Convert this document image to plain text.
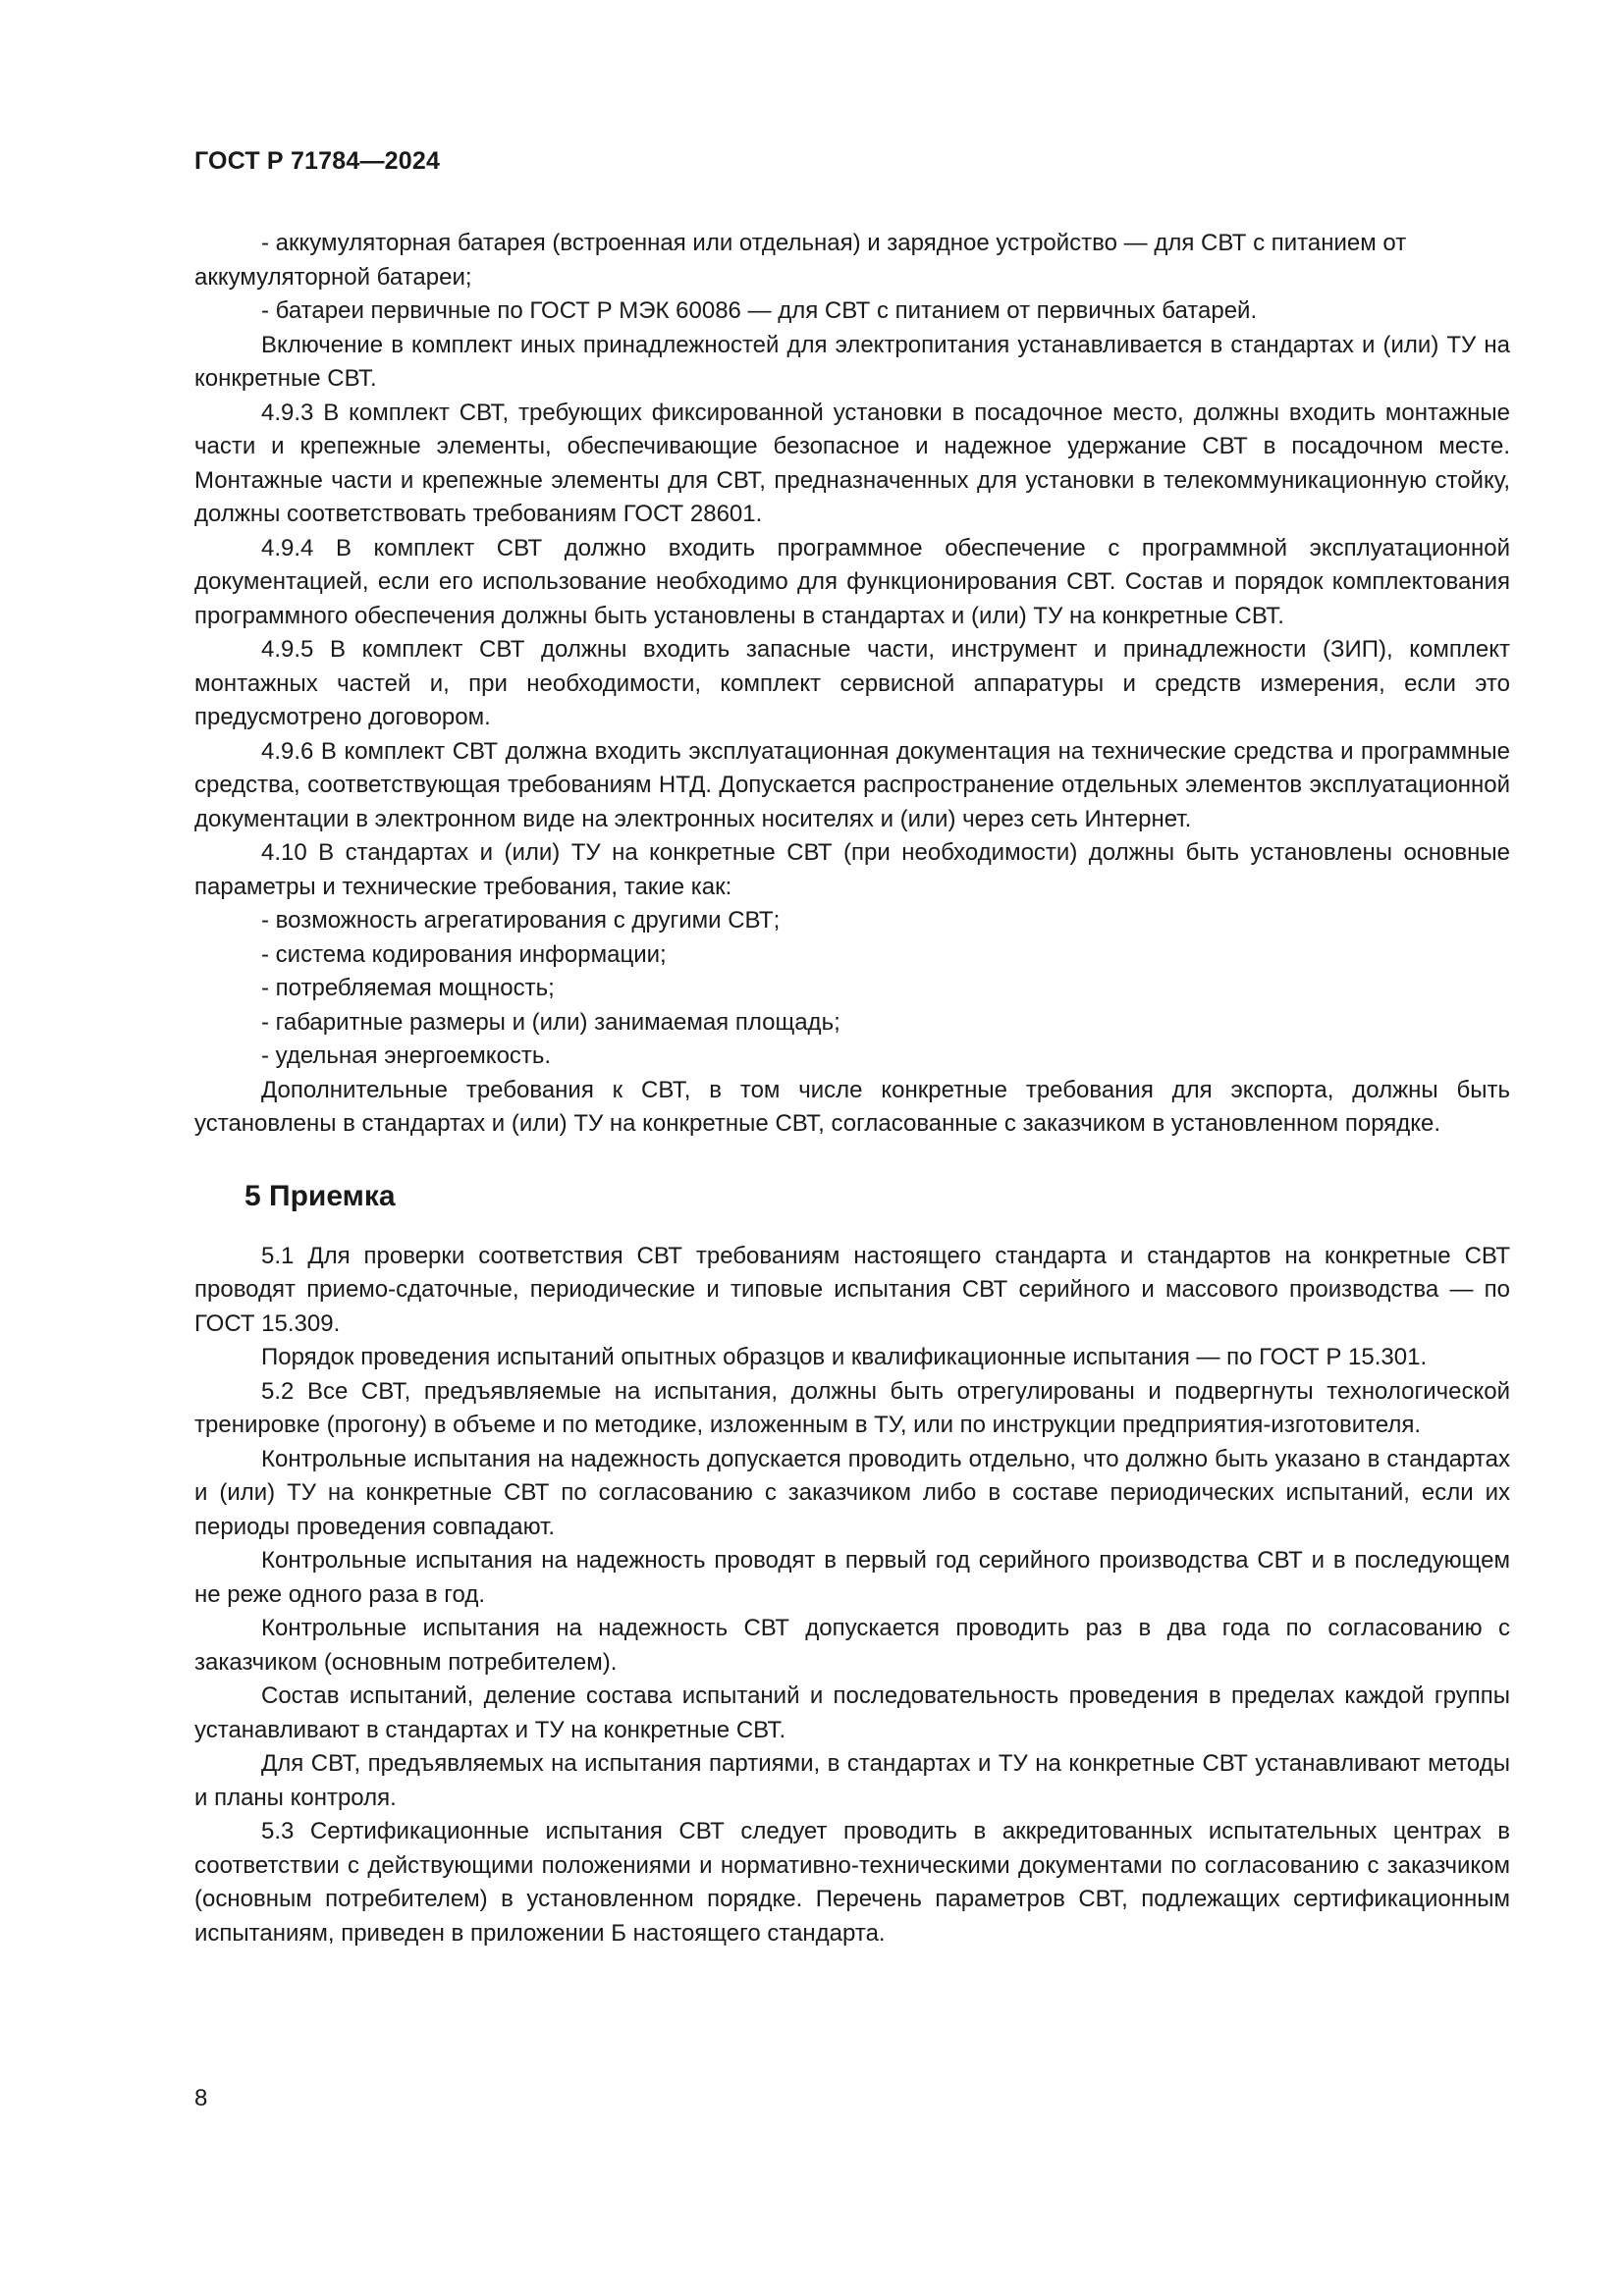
ГОСТ Р 71784—2024

- аккумуляторная батарея (встроенная или отдельная) и зарядное устройство — для СВТ с питанием от аккумуляторной батареи;

- батареи первичные по ГОСТ Р МЭК 60086 — для СВТ с питанием от первичных батарей.

Включение в комплект иных принадлежностей для электропитания устанавливается в стандартах и (или) ТУ на конкретные СВТ.

4.9.3 В комплект СВТ, требующих фиксированной установки в посадочное место, должны входить монтажные части и крепежные элементы, обеспечивающие безопасное и надежное удержание СВТ в посадочном месте. Монтажные части и крепежные элементы для СВТ, предназначенных для установки в телекоммуникационную стойку, должны соответствовать требованиям ГОСТ 28601.

4.9.4 В комплект СВТ должно входить программное обеспечение с программной эксплуатационной документацией, если его использование необходимо для функционирования СВТ. Состав и порядок комплектования программного обеспечения должны быть установлены в стандартах и (или) ТУ на конкретные СВТ.

4.9.5 В комплект СВТ должны входить запасные части, инструмент и принадлежности (ЗИП), комплект монтажных частей и, при необходимости, комплект сервисной аппаратуры и средств измерения, если это предусмотрено договором.

4.9.6 В комплект СВТ должна входить эксплуатационная документация на технические средства и программные средства, соответствующая требованиям НТД. Допускается распространение отдельных элементов эксплуатационной документации в электронном виде на электронных носителях и (или) через сеть Интернет.

4.10 В стандартах и (или) ТУ на конкретные СВТ (при необходимости) должны быть установлены основные параметры и технические требования, такие как:

- возможность агрегатирования с другими СВТ;

- система кодирования информации;

- потребляемая мощность;

- габаритные размеры и (или) занимаемая площадь;

- удельная энергоемкость.

Дополнительные требования к СВТ, в том числе конкретные требования для экспорта, должны быть установлены в стандартах и (или) ТУ на конкретные СВТ, согласованные с заказчиком в установленном порядке.

5 Приемка

5.1 Для проверки соответствия СВТ требованиям настоящего стандарта и стандартов на конкретные СВТ проводят приемо-сдаточные, периодические и типовые испытания СВТ серийного и массового производства — по ГОСТ 15.309.

Порядок проведения испытаний опытных образцов и квалификационные испытания — по ГОСТ Р 15.301.

5.2 Все СВТ, предъявляемые на испытания, должны быть отрегулированы и подвергнуты технологической тренировке (прогону) в объеме и по методике, изложенным в ТУ, или по инструкции предприятия-изготовителя.

Контрольные испытания на надежность допускается проводить отдельно, что должно быть указано в стандартах и (или) ТУ на конкретные СВТ по согласованию с заказчиком либо в составе периодических испытаний, если их периоды проведения совпадают.

Контрольные испытания на надежность проводят в первый год серийного производства СВТ и в последующем не реже одного раза в год.

Контрольные испытания на надежность СВТ допускается проводить раз в два года по согласованию с заказчиком (основным потребителем).

Состав испытаний, деление состава испытаний и последовательность проведения в пределах каждой группы устанавливают в стандартах и ТУ на конкретные СВТ.

Для СВТ, предъявляемых на испытания партиями, в стандартах и ТУ на конкретные СВТ устанавливают методы и планы контроля.

5.3 Сертификационные испытания СВТ следует проводить в аккредитованных испытательных центрах в соответствии с действующими положениями и нормативно-техническими документами по согласованию с заказчиком (основным потребителем) в установленном порядке. Перечень параметров СВТ, подлежащих сертификационным испытаниям, приведен в приложении Б настоящего стандарта.

8
